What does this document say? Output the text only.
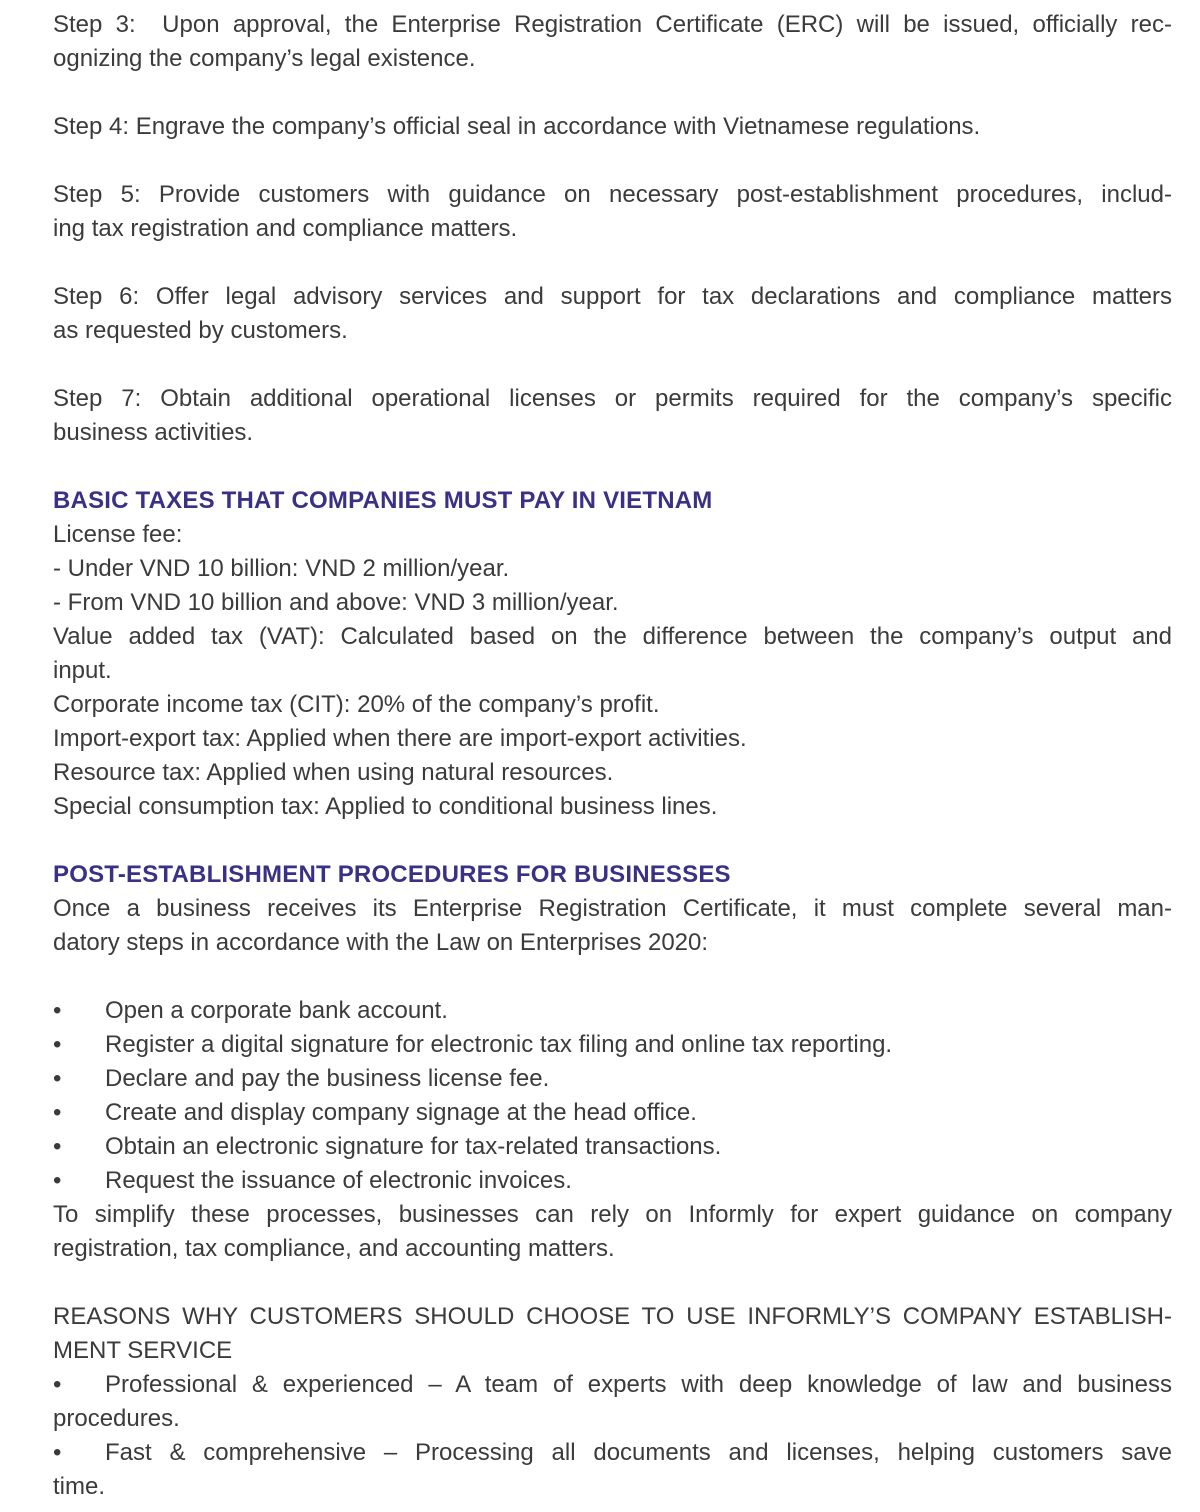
Step 3:  Upon approval, the Enterprise Registration Certificate (ERC) will be issued, officially rec-
ognizing the company’s legal existence.
Step 4: Engrave the company’s official seal in accordance with Vietnamese regulations.
Step 5: Provide customers with guidance on necessary post-establishment procedures, includ-
ing tax registration and compliance matters.
Step 6: Offer legal advisory services and support for tax declarations and compliance matters
as requested by customers.
Step 7: Obtain additional operational licenses or permits required for the company’s specific
business activities.
BASIC TAXES THAT COMPANIES MUST PAY IN VIETNAM
License fee:
- Under VND 10 billion: VND 2 million/year.
- From VND 10 billion and above: VND 3 million/year.
Value added tax (VAT): Calculated based on the difference between the company’s output and
input.
Corporate income tax (CIT): 20% of the company’s profit.
Import-export tax: Applied when there are import-export activities.
Resource tax: Applied when using natural resources.
Special consumption tax: Applied to conditional business lines.
POST-ESTABLISHMENT PROCEDURES FOR BUSINESSES
Once a business receives its Enterprise Registration Certificate, it must complete several man-
datory steps in accordance with the Law on Enterprises 2020:
•	Open a corporate bank account.
•	Register a digital signature for electronic tax filing and online tax reporting.
•	Declare and pay the business license fee.
•	Create and display company signage at the head office.
•	Obtain an electronic signature for tax-related transactions.
•	Request the issuance of electronic invoices.
To simplify these processes, businesses can rely on Informly for expert guidance on company
registration, tax compliance, and accounting matters.
REASONS WHY CUSTOMERS SHOULD CHOOSE TO USE INFORMLY’S COMPANY ESTABLISH-
MENT SERVICE
•	Professional & experienced – A team of experts with deep knowledge of law and business
procedures.
•	Fast & comprehensive – Processing all documents and licenses, helping customers save
time.
